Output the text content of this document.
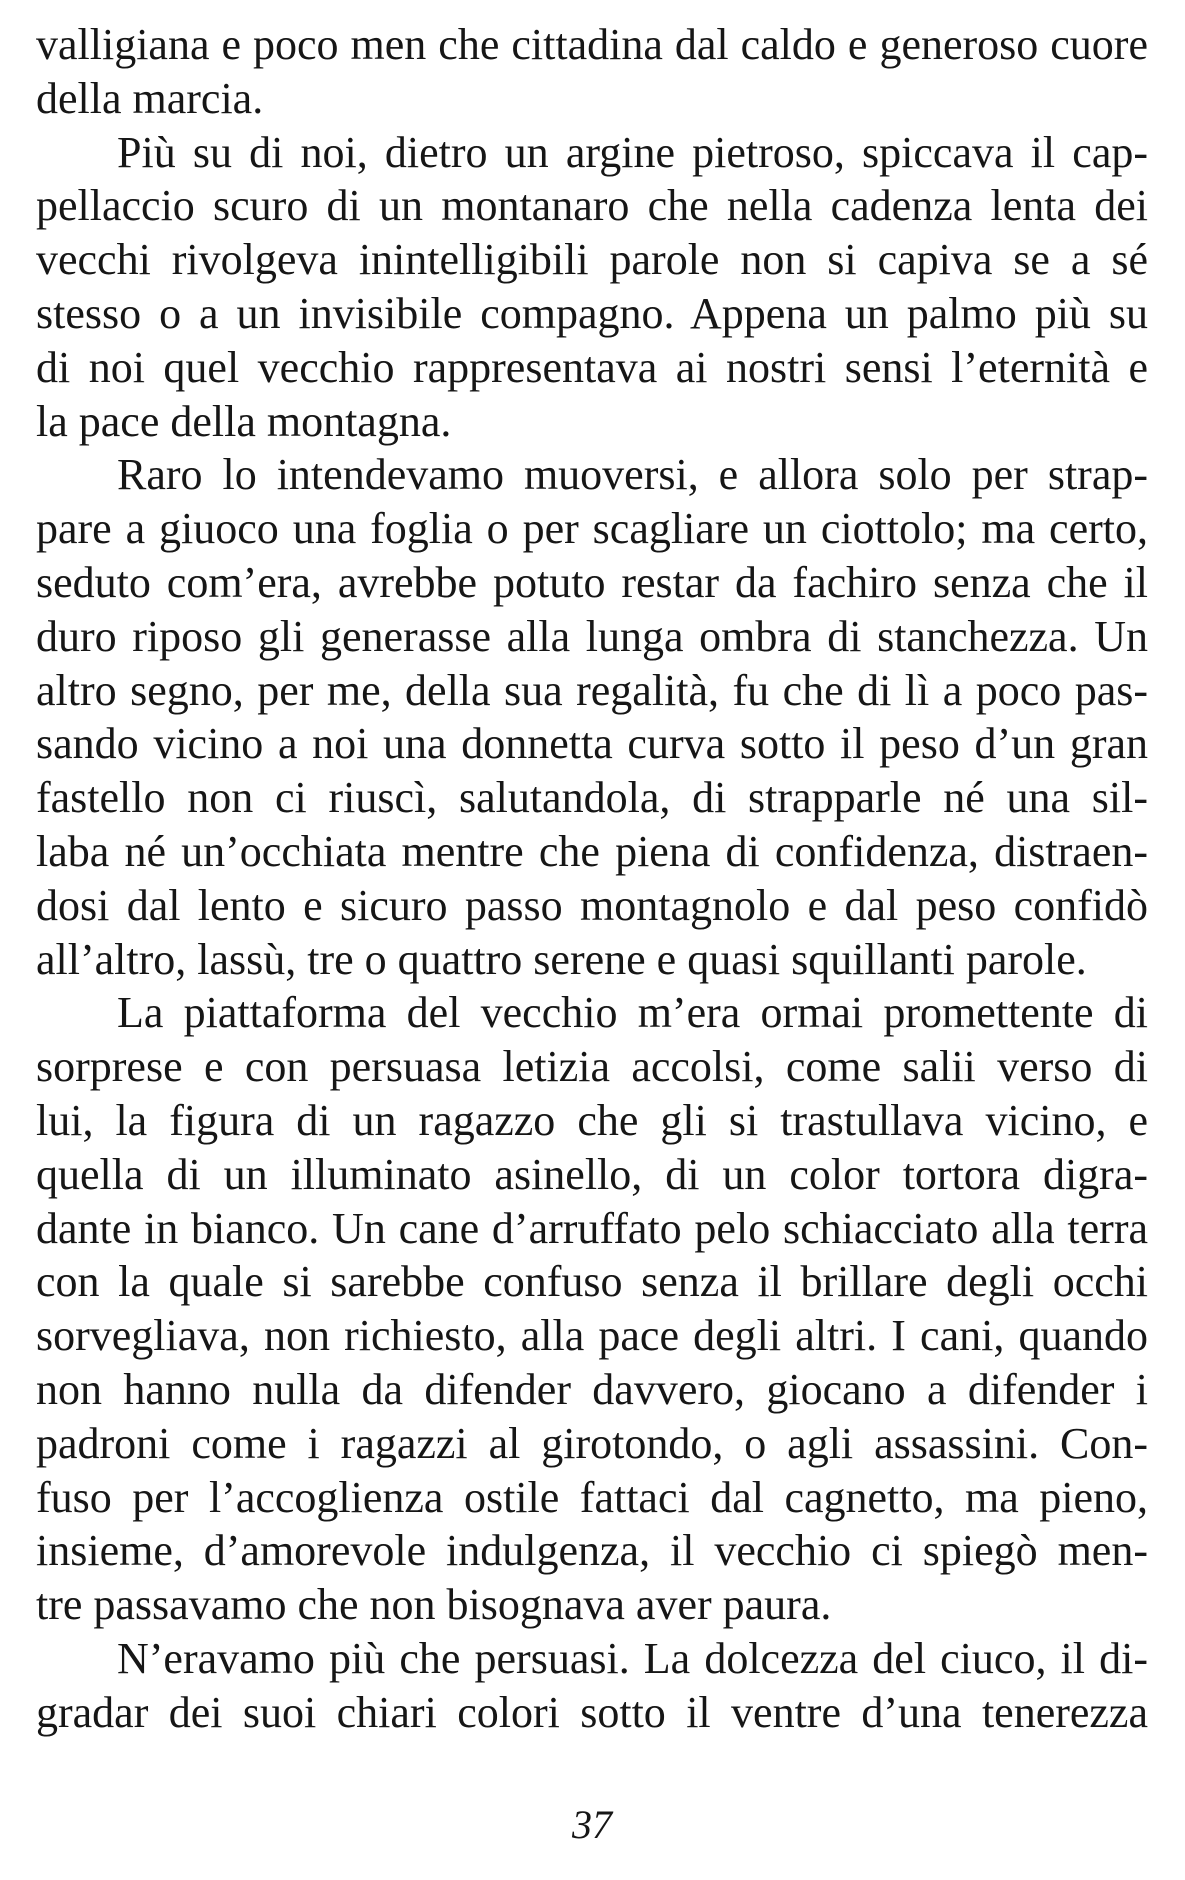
valligiana e poco men che cittadina dal caldo e generoso cuore
della marcia.
Più su di noi, dietro un argine pietroso, spiccava il cap-
pellaccio scuro di un montanaro che nella cadenza lenta dei
vecchi rivolgeva inintelligibili parole non si capiva se a sé
stesso o a un invisibile compagno. Appena un palmo più su
di noi quel vecchio rappresentava ai nostri sensi l’eternità e
la pace della montagna.
Raro lo intendevamo muoversi, e allora solo per strap-
pare a giuoco una foglia o per scagliare un ciottolo; ma certo,
seduto com’era, avrebbe potuto restar da fachiro senza che il
duro riposo gli generasse alla lunga ombra di stanchezza. Un
altro segno, per me, della sua regalità, fu che di lì a poco pas-
sando vicino a noi una donnetta curva sotto il peso d’un gran
fastello non ci riuscì, salutandola, di strapparle né una sil-
laba né un’occhiata mentre che piena di confidenza, distraen-
dosi dal lento e sicuro passo montagnolo e dal peso confidò
all’altro, lassù, tre o quattro serene e quasi squillanti parole.
La piattaforma del vecchio m’era ormai promettente di
sorprese e con persuasa letizia accolsi, come salii verso di
lui, la figura di un ragazzo che gli si trastullava vicino, e
quella di un illuminato asinello, di un color tortora digra-
dante in bianco. Un cane d’arruffato pelo schiacciato alla terra
con la quale si sarebbe confuso senza il brillare degli occhi
sorvegliava, non richiesto, alla pace degli altri. I cani, quando
non hanno nulla da difender davvero, giocano a difender i
padroni come i ragazzi al girotondo, o agli assassini. Con-
fuso per l’accoglienza ostile fattaci dal cagnetto, ma pieno,
insieme, d’amorevole indulgenza, il vecchio ci spiegò men-
tre passavamo che non bisognava aver paura.
N’eravamo più che persuasi. La dolcezza del ciuco, il di-
gradar dei suoi chiari colori sotto il ventre d’una tenerezza
37
